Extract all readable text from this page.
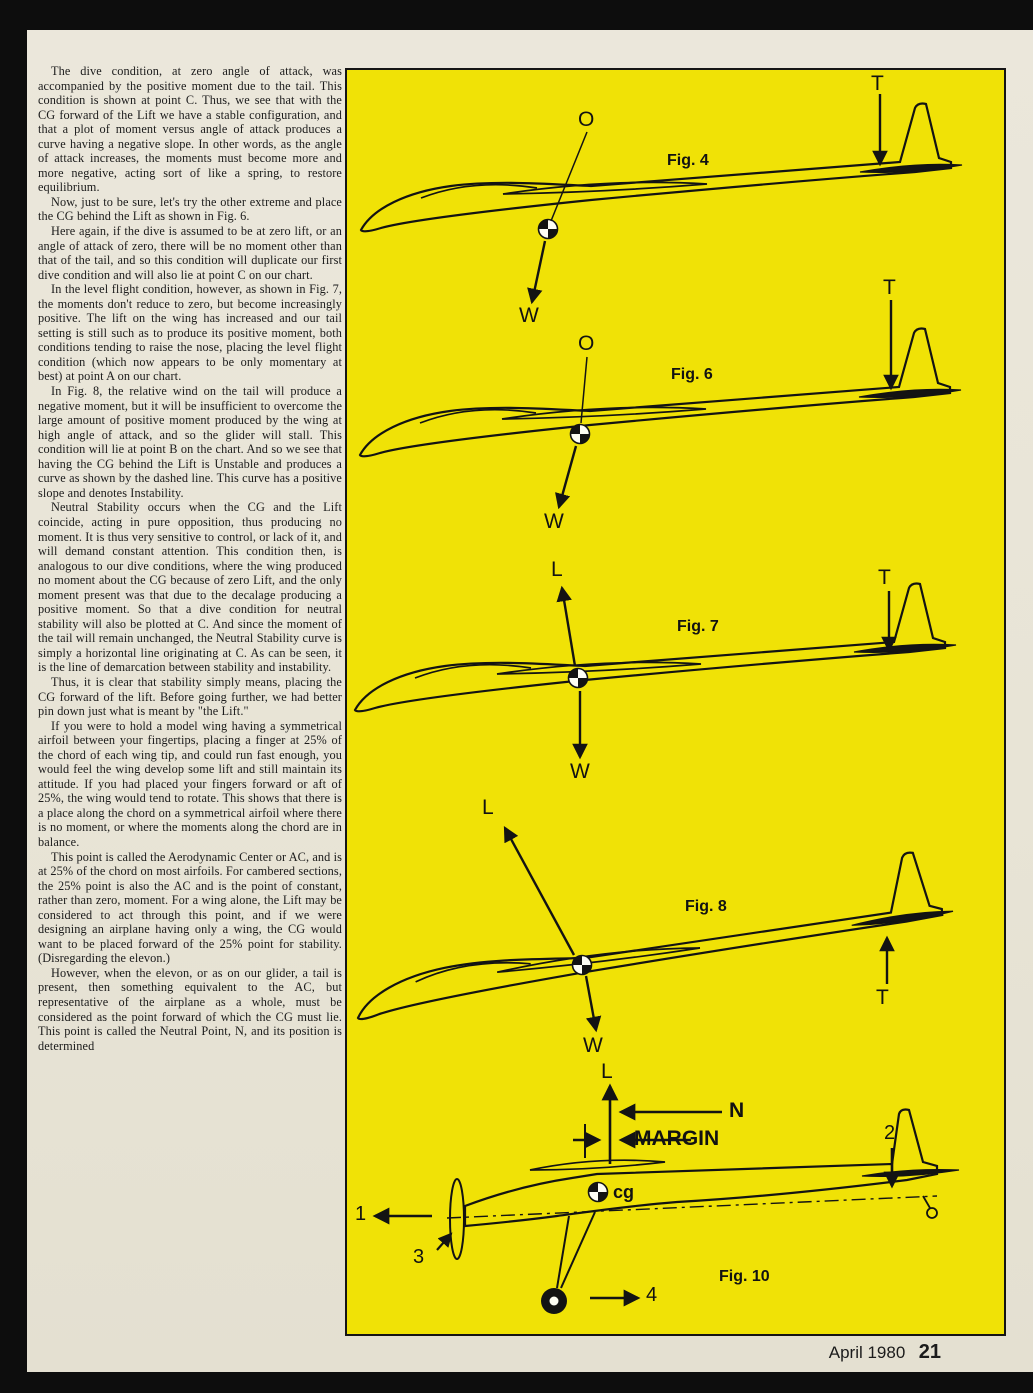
The dive condition, at zero angle of attack, was accompanied by the positive moment due to the tail. This condition is shown at point C. Thus, we see that with the CG forward of the Lift we have a stable configuration, and that a plot of moment versus angle of attack produces a curve having a negative slope. In other words, as the angle of attack increases, the moments must become more and more negative, acting sort of like a spring, to restore equilibrium.

Now, just to be sure, let's try the other extreme and place the CG behind the Lift as shown in Fig. 6.

Here again, if the dive is assumed to be at zero lift, or an angle of attack of zero, there will be no moment other than that of the tail, and so this condition will duplicate our first dive condition and will also lie at point C on our chart.

In the level flight condition, however, as shown in Fig. 7, the moments don't reduce to zero, but become increasingly positive. The lift on the wing has increased and our tail setting is still such as to produce its positive moment, both conditions tending to raise the nose, placing the level flight condition (which now appears to be only momentary at best) at point A on our chart.

In Fig. 8, the relative wind on the tail will produce a negative moment, but it will be insufficient to overcome the large amount of positive moment produced by the wing at high angle of attack, and so the glider will stall. This condition will lie at point B on the chart. And so we see that having the CG behind the Lift is Unstable and produces a curve as shown by the dashed line. This curve has a positive slope and denotes Instability.

Neutral Stability occurs when the CG and the Lift coincide, acting in pure opposition, thus producing no moment. It is thus very sensitive to control, or lack of it, and will demand constant attention. This condition then, is analogous to our dive conditions, where the wing produced no moment about the CG because of zero Lift, and the only moment present was that due to the decalage producing a positive moment. So that a dive condition for neutral stability will also be plotted at C. And since the moment of the tail will remain unchanged, the Neutral Stability curve is simply a horizontal line originating at C. As can be seen, it is the line of demarcation between stability and instability.

Thus, it is clear that stability simply means, placing the CG forward of the lift. Before going further, we had better pin down just what is meant by "the Lift."

If you were to hold a model wing having a symmetrical airfoil between your fingertips, placing a finger at 25% of the chord of each wing tip, and could run fast enough, you would feel the wing develop some lift and still maintain its attitude. If you had placed your fingers forward or aft of 25%, the wing would tend to rotate. This shows that there is a place along the chord on a symmetrical airfoil where there is no moment, or where the moments along the chord are in balance.

This point is called the Aerodynamic Center or AC, and is at 25% of the chord on most airfoils. For cambered sections, the 25% point is also the AC and is the point of constant, rather than zero, moment. For a wing alone, the Lift may be considered to act through this point, and if we were designing an airplane having only a wing, the CG would want to be placed forward of the 25% point for stability. (Disregarding the elevon.)

However, when the elevon, or as on our glider, a tail is present, then something equivalent to the AC, but representative of the airplane as a whole, must be considered as the point forward of which the CG must lie. This point is called the Neutral Point, N, and its position is determined

Fig. 4
O
W
T
Fig. 6
O
W
T
Fig. 7
L
W
T
Fig. 8
L
W
T
Fig. 10
L
N
MARGIN
cg
1
2
3
4
April 1980 21
